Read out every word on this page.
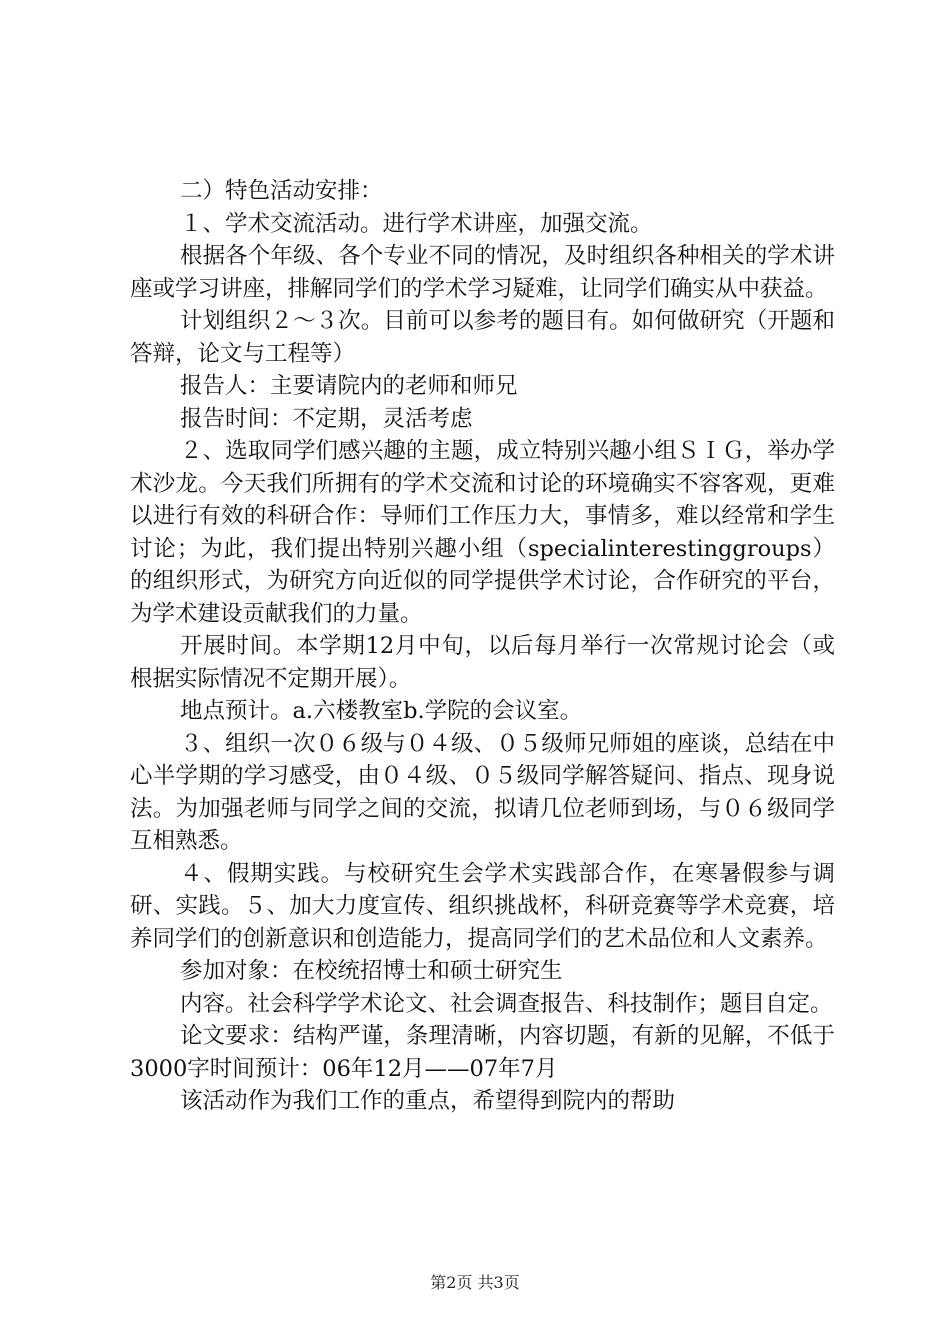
二）特色活动安排：

１、学术交流活动。进行学术讲座，加强交流。

根据各个年级、各个专业不同的情况，及时组织各种相关的学术讲座或学习讲座，排解同学们的学术学习疑难，让同学们确实从中获益。

计划组织２～３次。目前可以参考的题目有。如何做研究（开题和答辩，论文与工程等）

报告人：主要请院内的老师和师兄

报告时间：不定期，灵活考虑

２、选取同学们感兴趣的主题，成立特别兴趣小组ＳＩＧ，举办学术沙龙。今天我们所拥有的学术交流和讨论的环境确实不容客观，更难以进行有效的科研合作：导师们工作压力大，事情多，难以经常和学生讨论；为此，我们提出特别兴趣小组（specialinterestinggroups）的组织形式，为研究方向近似的同学提供学术讨论，合作研究的平台，为学术建设贡献我们的力量。

开展时间。本学期12月中旬，以后每月举行一次常规讨论会（或根据实际情况不定期开展）。

地点预计。a.六楼教室b.学院的会议室。

３、组织一次０６级与０４级、０５级师兄师姐的座谈，总结在中心半学期的学习感受，由０４级、０５级同学解答疑问、指点、现身说法。为加强老师与同学之间的交流，拟请几位老师到场，与０６级同学互相熟悉。

４、假期实践。与校研究生会学术实践部合作，在寒暑假参与调研、实践。５、加大力度宣传、组织挑战杯，科研竞赛等学术竞赛，培养同学们的创新意识和创造能力，提高同学们的艺术品位和人文素养。

参加对象：在校统招博士和硕士研究生

内容。社会科学学术论文、社会调查报告、科技制作；题目自定。

论文要求：结构严谨，条理清晰，内容切题，有新的见解，不低于3000字时间预计：06年12月——07年7月

该活动作为我们工作的重点，希望得到院内的帮助

第2页 共3页
